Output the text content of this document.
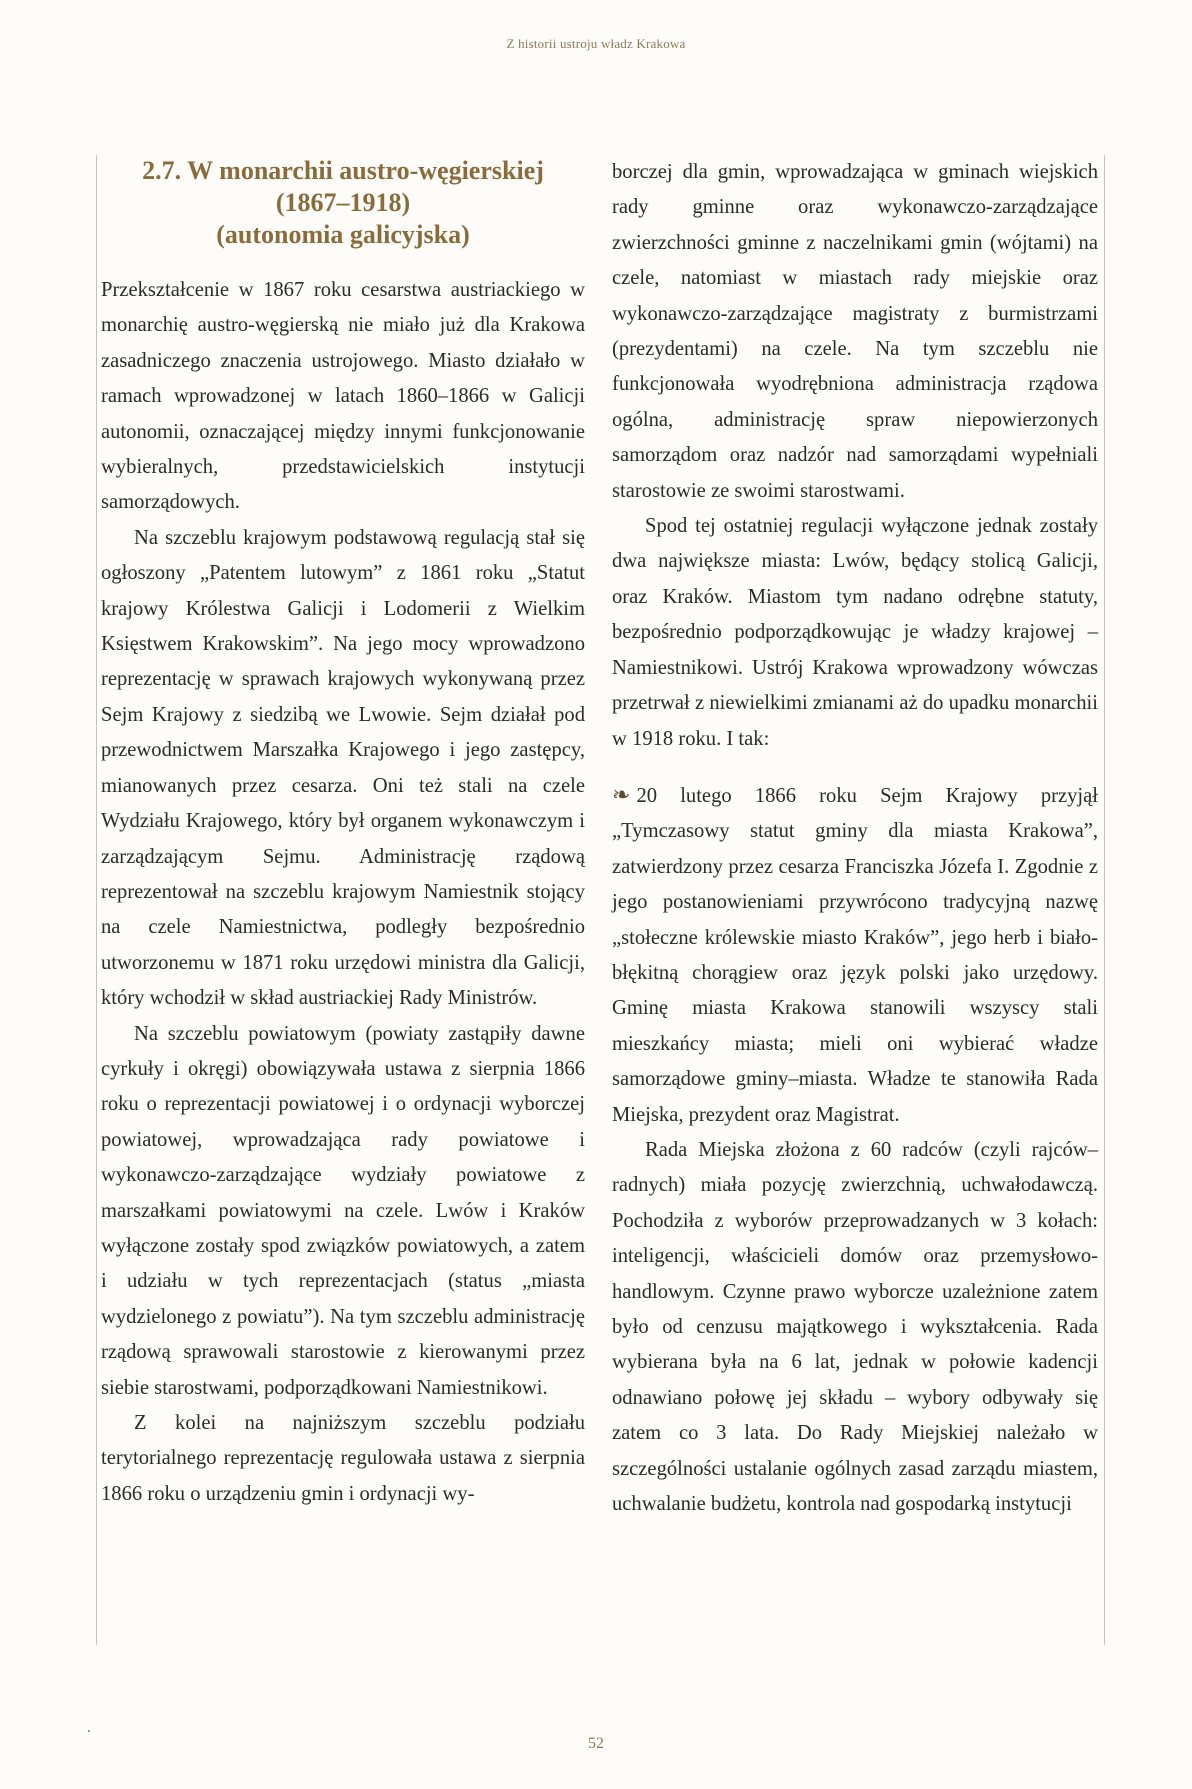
Z historii ustroju władz Krakowa
2.7. W monarchii austro-węgierskiej
(1867–1918)
(autonomia galicyjska)

Przekształcenie w 1867 roku cesarstwa austriackiego w monarchię austro-węgierską nie miało już dla Krakowa zasadniczego znaczenia ustrojowego. Miasto działało w ramach wprowadzonej w latach 1860–1866 w Galicji autonomii, oznaczającej między innymi funkcjonowanie wybieralnych, przedstawicielskich instytucji samorządowych.

Na szczeblu krajowym podstawową regulacją stał się ogłoszony „Patentem lutowym” z 1861 roku „Statut krajowy Królestwa Galicji i Lodomerii z Wielkim Księstwem Krakowskim”. Na jego mocy wprowadzono reprezentację w sprawach krajowych wykonywaną przez Sejm Krajowy z siedzibą we Lwowie. Sejm działał pod przewodnictwem Marszałka Krajowego i jego zastępcy, mianowanych przez cesarza. Oni też stali na czele Wydziału Krajowego, który był organem wykonawczym i zarządzającym Sejmu. Administrację rządową reprezentował na szczeblu krajowym Namiestnik stojący na czele Namiestnictwa, podległy bezpośrednio utworzonemu w 1871 roku urzędowi ministra dla Galicji, który wchodził w skład austriackiej Rady Ministrów.

Na szczeblu powiatowym (powiaty zastąpiły dawne cyrkuły i okręgi) obowiązywała ustawa z sierpnia 1866 roku o reprezentacji powiatowej i o ordynacji wyborczej powiatowej, wprowadzająca rady powiatowe i wykonawczo-zarządzające wydziały powiatowe z marszałkami powiatowymi na czele. Lwów i Kraków wyłączone zostały spod związków powiatowych, a zatem i udziału w tych reprezentacjach (status „miasta wydzielonego z powiatu”). Na tym szczeblu administrację rządową sprawowali starostowie z kierowanymi przez siebie starostwami, podporządkowani Namiestnikowi.

Z kolei na najniższym szczeblu podziału terytorialnego reprezentację regulowała ustawa z sierpnia 1866 roku o urządzeniu gmin i ordynacji wy-

borczej dla gmin, wprowadzająca w gminach wiejskich rady gminne oraz wykonawczo-zarządzające zwierzchności gminne z naczelnikami gmin (wójtami) na czele, natomiast w miastach rady miejskie oraz wykonawczo-zarządzające magistraty z burmistrzami (prezydentami) na czele. Na tym szczeblu nie funkcjonowała wyodrębniona administracja rządowa ogólna, administrację spraw niepowierzonych samorządom oraz nadzór nad samorządami wypełniali starostowie ze swoimi starostwami.

Spod tej ostatniej regulacji wyłączone jednak zostały dwa największe miasta: Lwów, będący stolicą Galicji, oraz Kraków. Miastom tym nadano odrębne statuty, bezpośrednio podporządkowując je władzy krajowej – Namiestnikowi. Ustrój Krakowa wprowadzony wówczas przetrwał z niewielkimi zmianami aż do upadku monarchii w 1918 roku. I tak:

❧ 20 lutego 1866 roku Sejm Krajowy przyjął „Tymczasowy statut gminy dla miasta Krakowa”, zatwierdzony przez cesarza Franciszka Józefa I. Zgodnie z jego postanowieniami przywrócono tradycyjną nazwę „stołeczne królewskie miasto Kraków”, jego herb i biało-błękitną chorągiew oraz język polski jako urzędowy. Gminę miasta Krakowa stanowili wszyscy stali mieszkańcy miasta; mieli oni wybierać władze samorządowe gminy–miasta. Władze te stanowiła Rada Miejska, prezydent oraz Magistrat.

Rada Miejska złożona z 60 radców (czyli rajców–radnych) miała pozycję zwierzchnią, uchwałodawczą. Pochodziła z wyborów przeprowadzanych w 3 kołach: inteligencji, właścicieli domów oraz przemysłowo-handlowym. Czynne prawo wyborcze uzależnione zatem było od cenzusu majątkowego i wykształcenia. Rada wybierana była na 6 lat, jednak w połowie kadencji odnawiano połowę jej składu – wybory odbywały się zatem co 3 lata. Do Rady Miejskiej należało w szczególności ustalanie ogólnych zasad zarządu miastem, uchwalanie budżetu, kontrola nad gospodarką instytucji

52
